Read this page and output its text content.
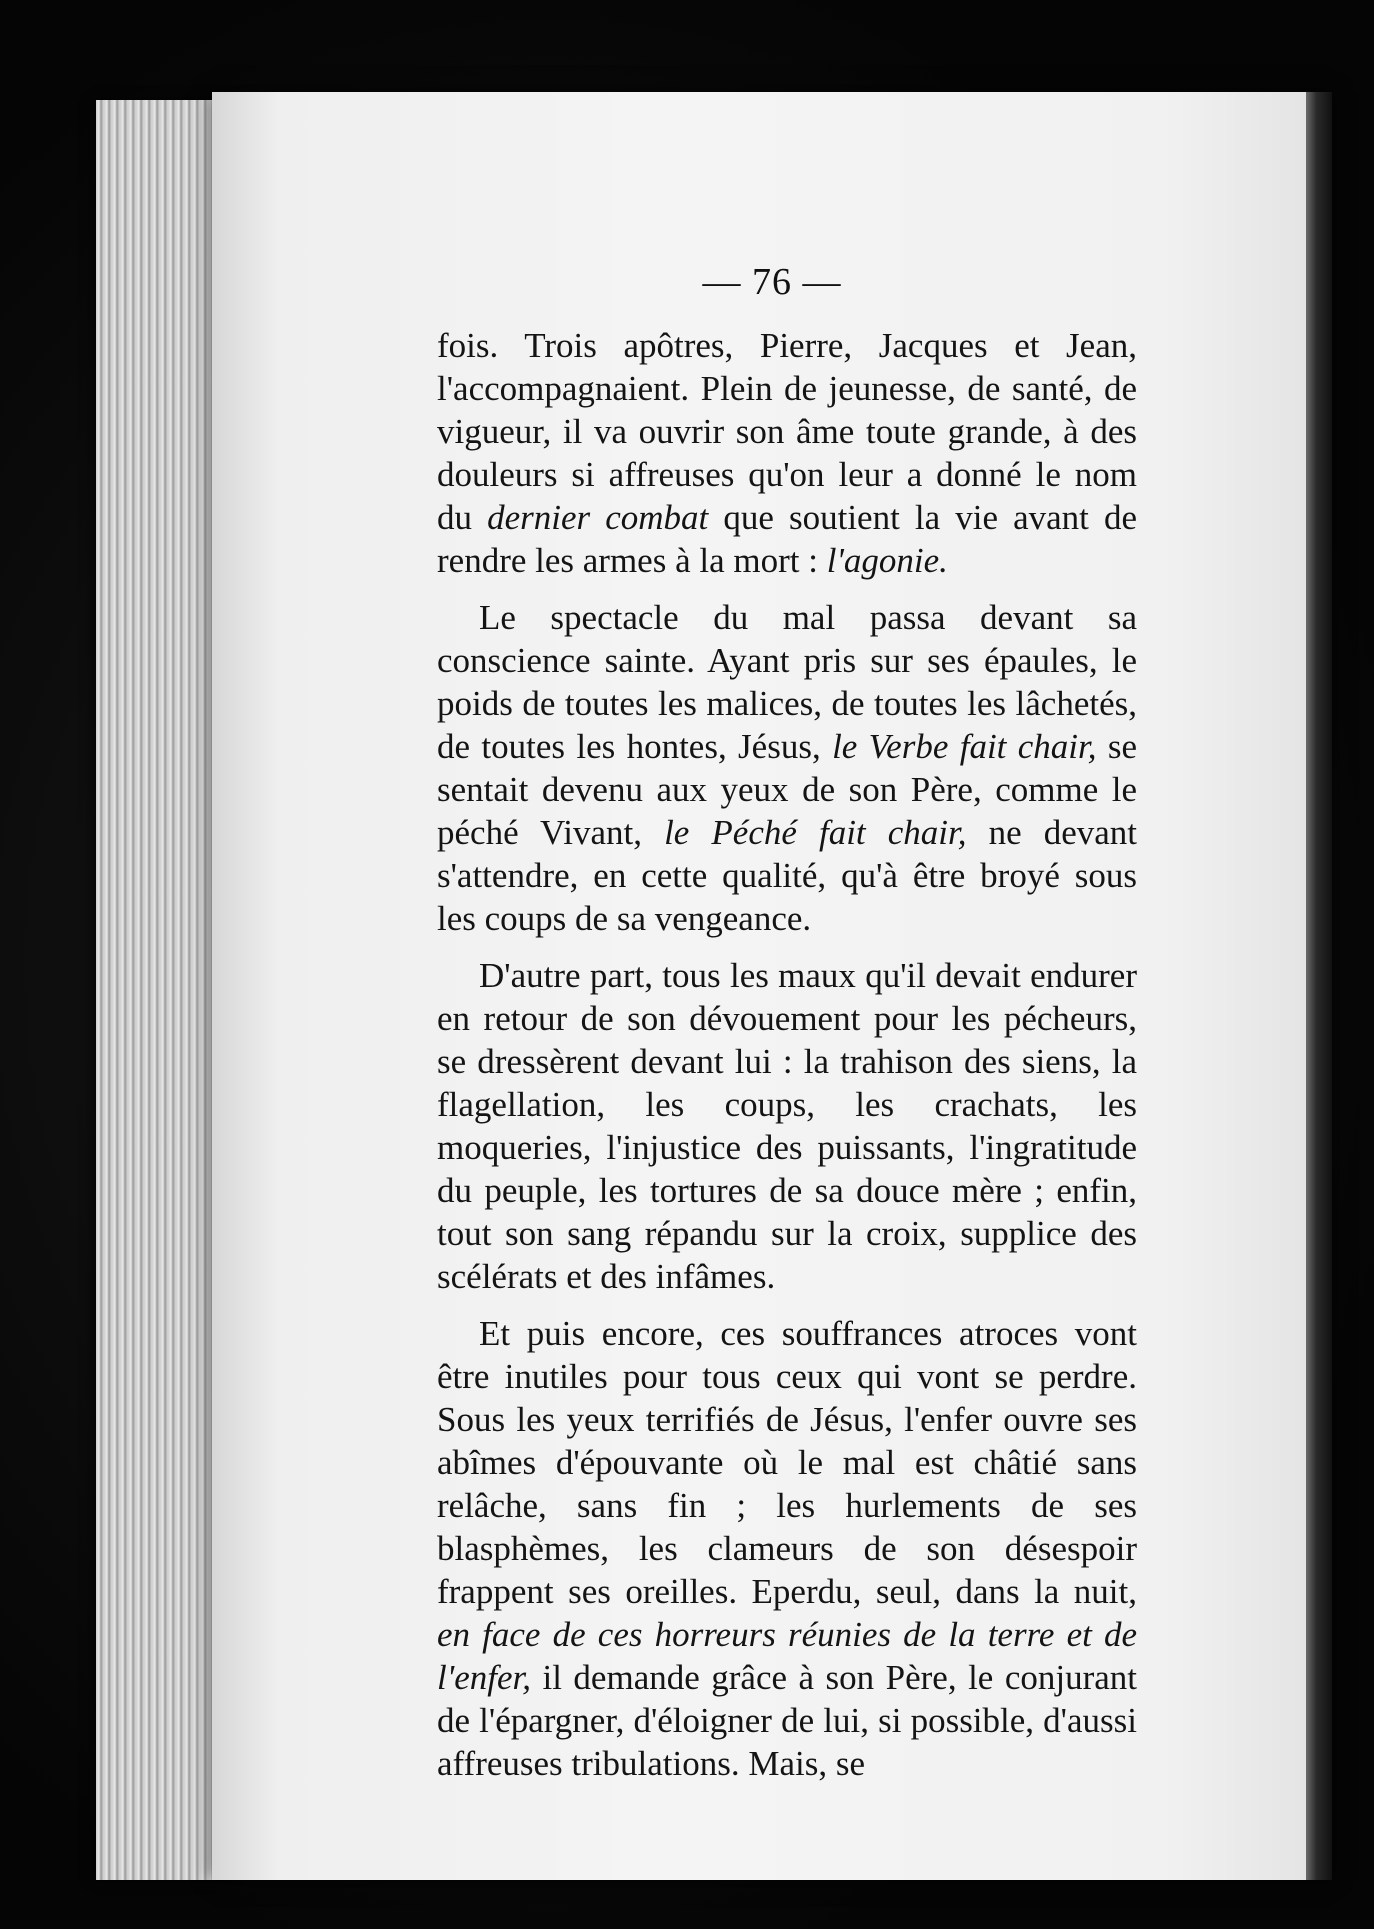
— 76 —

fois. Trois apôtres, Pierre, Jacques et Jean, l'accompagnaient. Plein de jeunesse, de santé, de vigueur, il va ouvrir son âme toute grande, à des douleurs si affreuses qu'on leur a donné le nom du dernier combat que soutient la vie avant de rendre les armes à la mort : l'agonie.

Le spectacle du mal passa devant sa conscience sainte. Ayant pris sur ses épaules, le poids de toutes les malices, de toutes les lâchetés, de toutes les hontes, Jésus, le Verbe fait chair, se sentait devenu aux yeux de son Père, comme le péché Vivant, le Péché fait chair, ne devant s'attendre, en cette qualité, qu'à être broyé sous les coups de sa vengeance.

D'autre part, tous les maux qu'il devait endurer en retour de son dévouement pour les pécheurs, se dressèrent devant lui : la trahison des siens, la flagellation, les coups, les crachats, les moqueries, l'injustice des puissants, l'ingratitude du peuple, les tortures de sa douce mère ; enfin, tout son sang répandu sur la croix, supplice des scélérats et des infâmes.

Et puis encore, ces souffrances atroces vont être inutiles pour tous ceux qui vont se perdre. Sous les yeux terrifiés de Jésus, l'enfer ouvre ses abîmes d'épouvante où le mal est châtié sans relâche, sans fin ; les hurlements de ses blasphèmes, les clameurs de son désespoir frappent ses oreilles. Eperdu, seul, dans la nuit, en face de ces horreurs réunies de la terre et de l'enfer, il demande grâce à son Père, le conjurant de l'épargner, d'éloigner de lui, si possible, d'aussi affreuses tribulations. Mais, se
